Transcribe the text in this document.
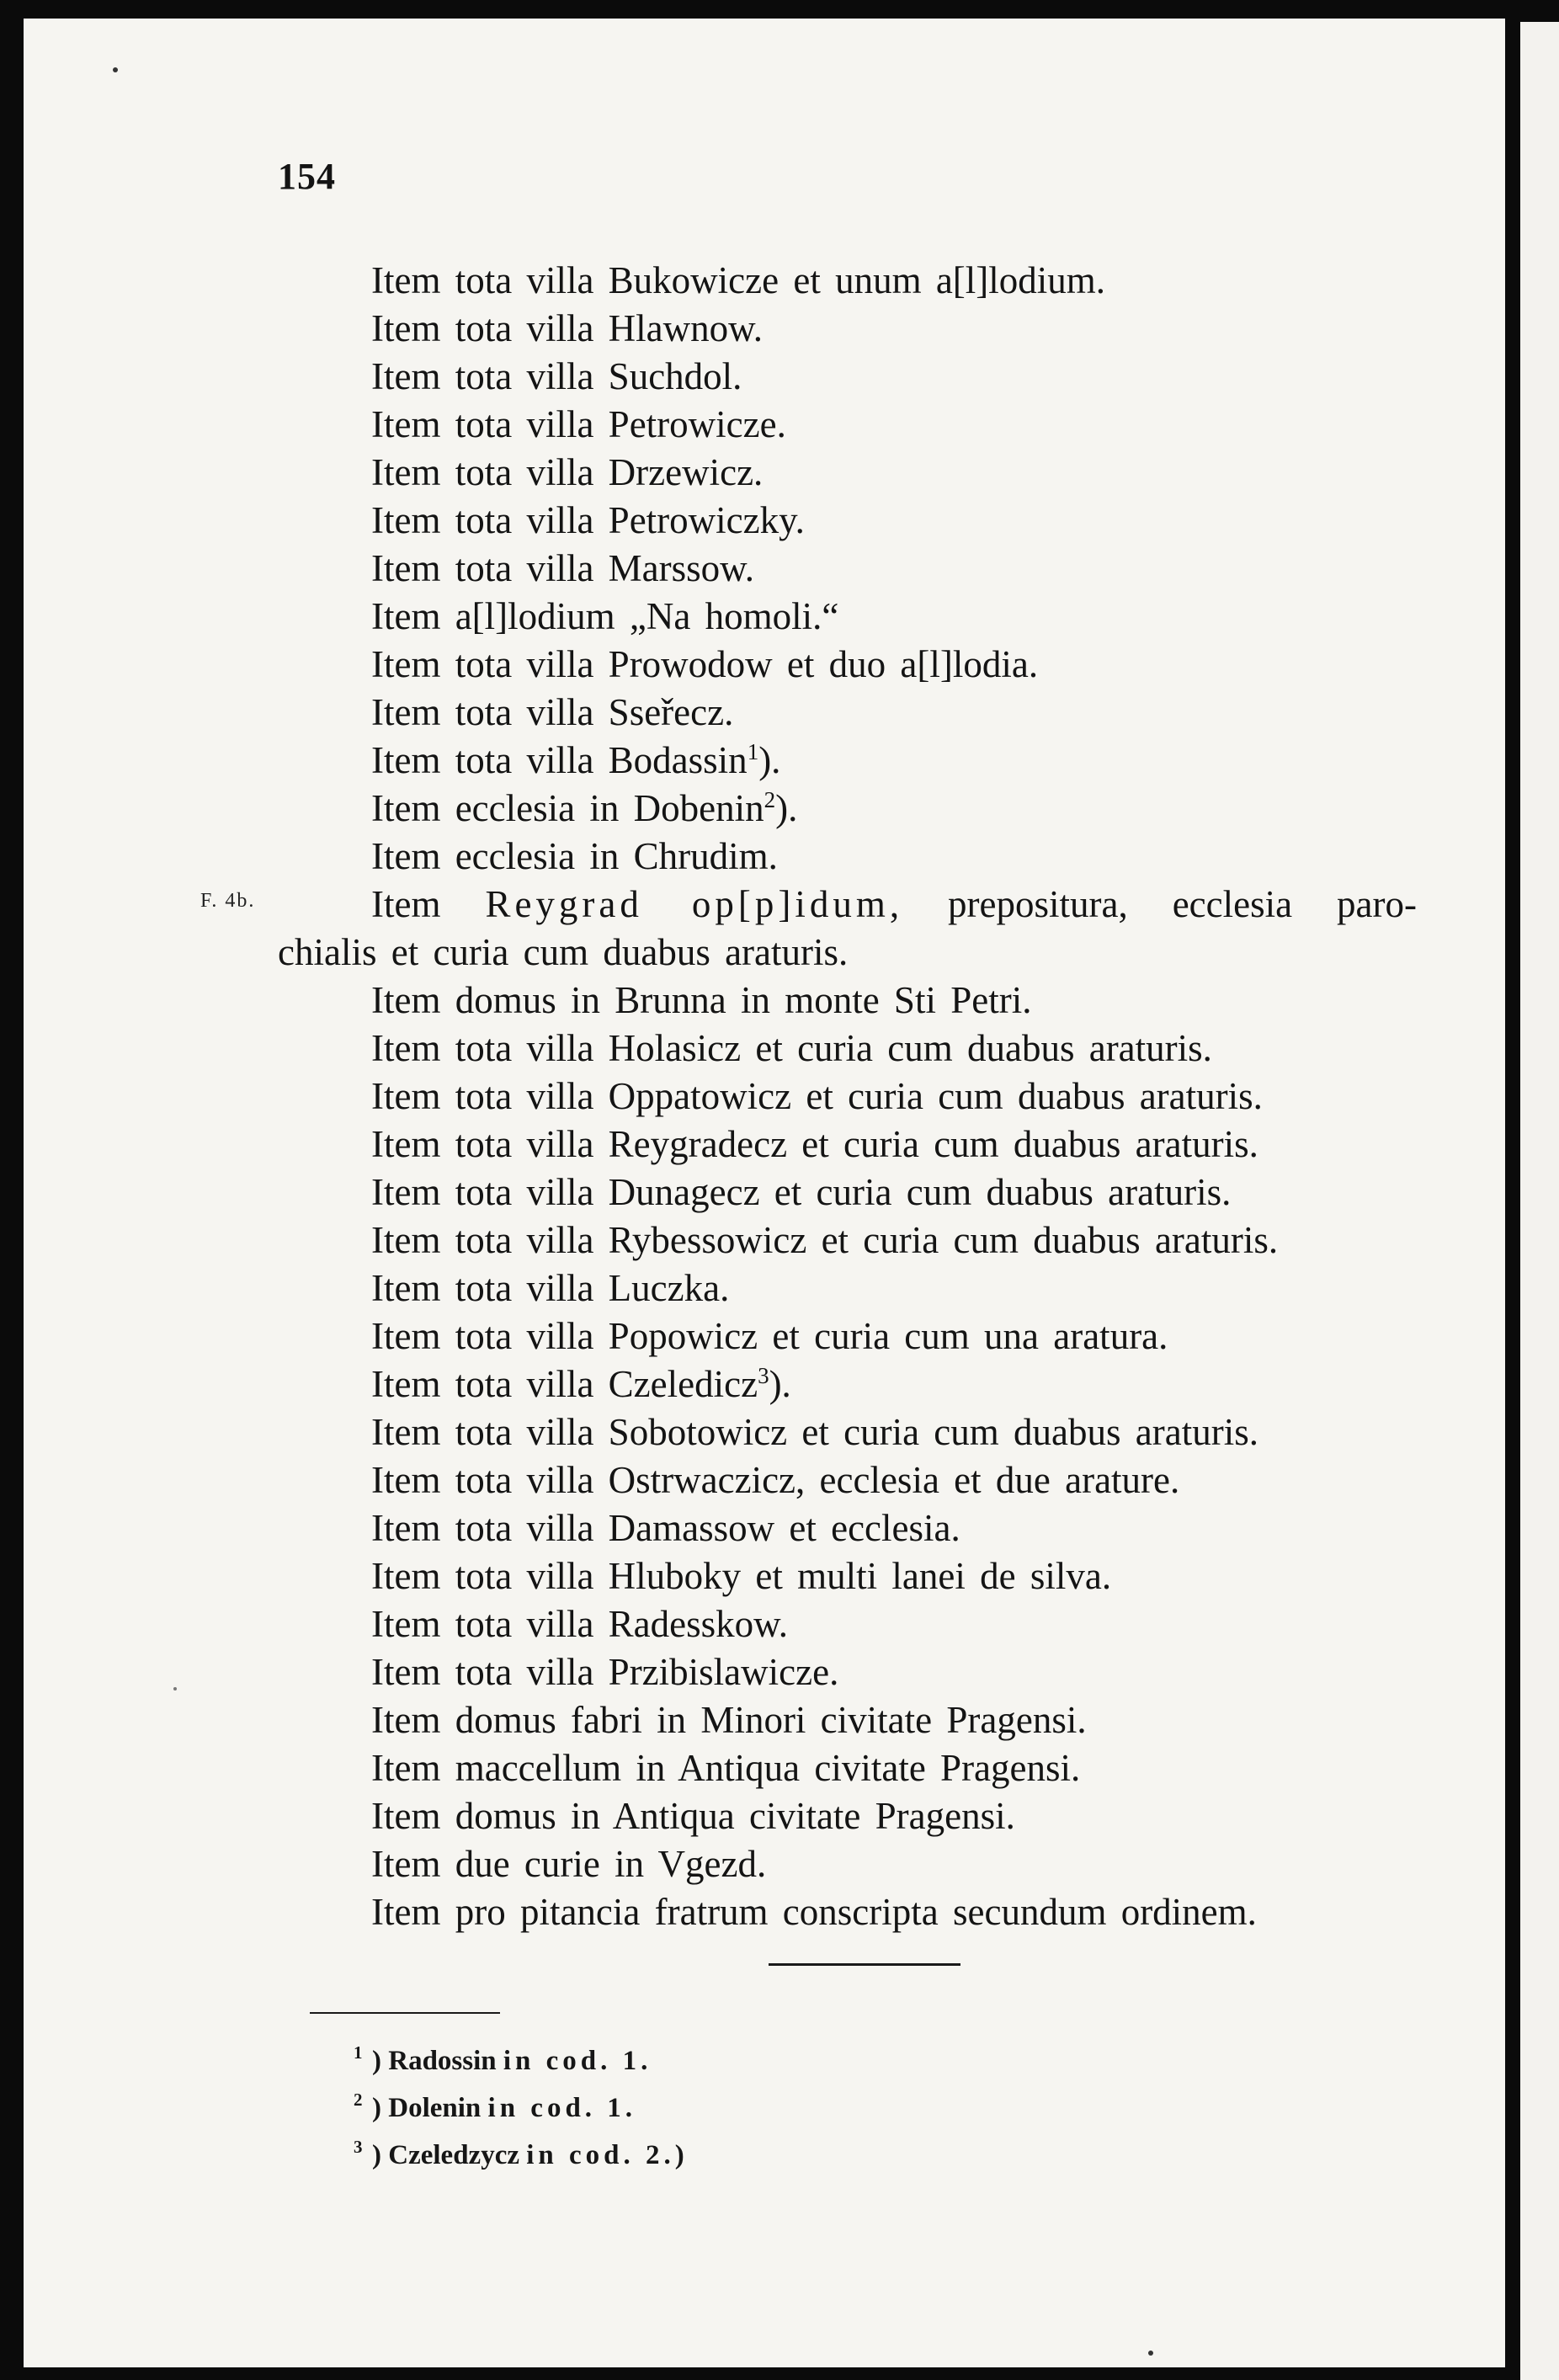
154
F. 4b.
Item tota villa Bukowicze et unum a[l]lodium.
Item tota villa Hlawnow.
Item tota villa Suchdol.
Item tota villa Petrowicze.
Item tota villa Drzewicz.
Item tota villa Petrowiczky.
Item tota villa Marssow.
Item a[l]lodium „Na homoli.“
Item tota villa Prowodow et duo a[l]lodia.
Item tota villa Sseřecz.
Item tota villa Bodassin$^1$).
Item ecclesia in Dobenin$^2$).
Item ecclesia in Chrudim.
Item Reygrad op[p]idum, prepositura, ecclesia paro-
chialis et curia cum duabus araturis.
Item domus in Brunna in monte Sti Petri.
Item tota villa Holasicz et curia cum duabus araturis.
Item tota villa Oppatowicz et curia cum duabus araturis.
Item tota villa Reygradecz et curia cum duabus araturis.
Item tota villa Dunagecz et curia cum duabus araturis.
Item tota villa Rybessowicz et curia cum duabus araturis.
Item tota villa Luczka.
Item tota villa Popowicz et curia cum una aratura.
Item tota villa Czeledicz$^3$).
Item tota villa Sobotowicz et curia cum duabus araturis.
Item tota villa Ostrwaczicz, ecclesia et due arature.
Item tota villa Damassow et ecclesia.
Item tota villa Hluboky et multi lanei de silva.
Item tota villa Radesskow.
Item tota villa Przibislawicze.
Item domus fabri in Minori civitate Pragensi.
Item maccellum in Antiqua civitate Pragensi.
Item domus in Antiqua civitate Pragensi.
Item due curie in Vgezd.
Item pro pitancia fratrum conscripta secundum ordinem.
1 ) Radossin in cod. 1.
2 ) Dolenin in cod. 1.
3 ) Czeledzycz in cod. 2.)
